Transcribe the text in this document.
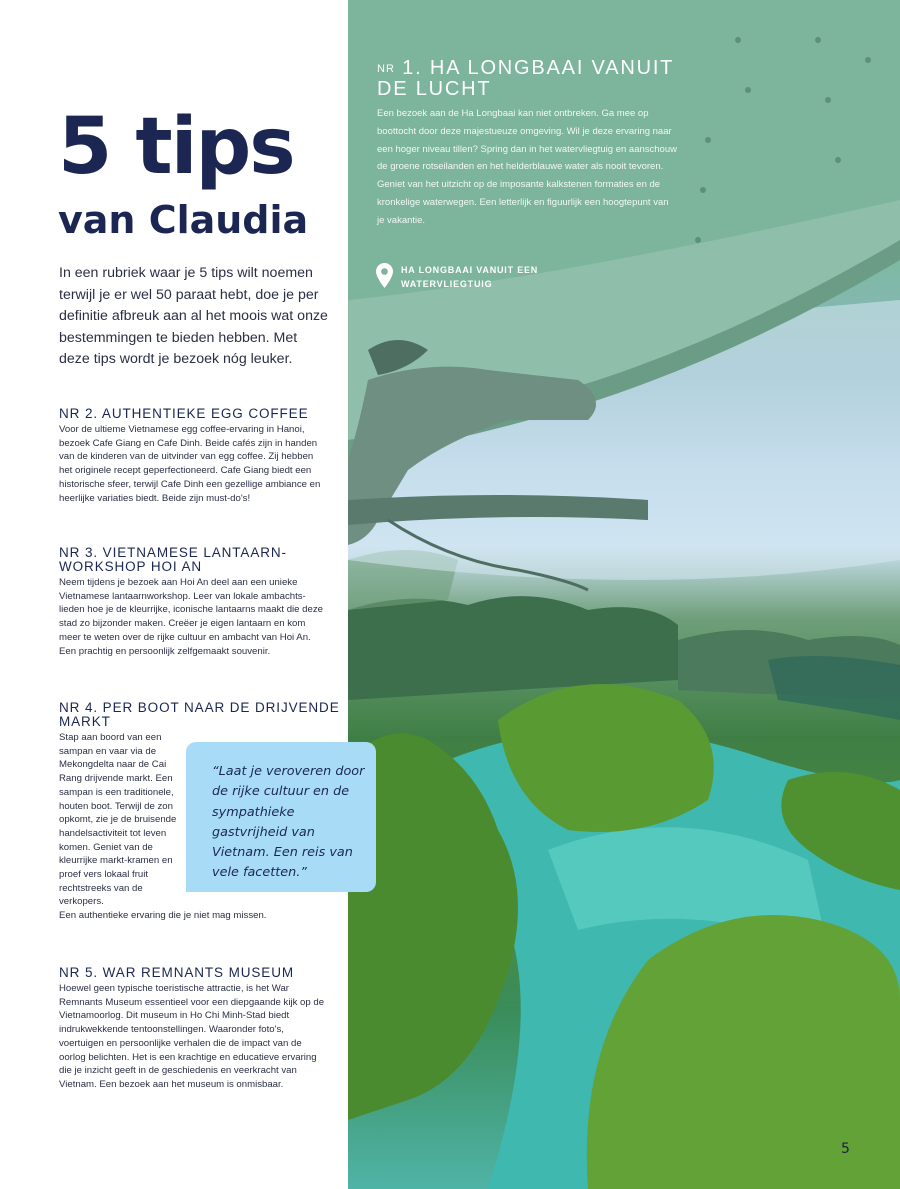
5 tips
van Claudia

In een rubriek waar je 5 tips wilt noemen terwijl je er wel 50 paraat hebt, doe je per definitie afbreuk aan al het moois wat onze bestemmingen te bieden hebben. Met deze tips wordt je bezoek nóg leuker.

NR 2. AUTHENTIEKE EGG COFFEE

Voor de ultieme Vietnamese egg coffee-ervaring in Hanoi, bezoek Cafe Giang en Cafe Dinh. Beide cafés zijn in handen van de kinderen van de uitvinder van egg coffee. Zij hebben het originele recept geperfectioneerd. Cafe Giang biedt een historische sfeer, terwijl Cafe Dinh een gezellige ambiance en heerlijke variaties biedt. Beide zijn must-do's!

NR 3. VIETNAMESE LANTAARN-WORKSHOP HOI AN

Neem tijdens je bezoek aan Hoi An deel aan een unieke Vietnamese lantaarnworkshop. Leer van lokale ambachts-lieden hoe je de kleurrijke, iconische lantaarns maakt die deze stad zo bijzonder maken. Creëer je eigen lantaarn en kom meer te weten over de rijke cultuur en ambacht van Hoi An. Een prachtig en persoonlijk zelfgemaakt souvenir.

NR 4. PER BOOT NAAR DE DRIJVENDE MARKT

Stap aan boord van een sampan en vaar via de Mekongdelta naar de Cai Rang drijvende markt. Een sampan is een traditionele, houten boot. Terwijl de zon opkomt, zie je de bruisende handelsactiviteit tot leven komen. Geniet van de kleurrijke markt-kramen en proef vers lokaal fruit rechtstreeks van de verkopers.

Een authentieke ervaring die je niet mag missen.

“Laat je veroveren door de rijke cultuur en de sympathieke gastvrijheid van Vietnam. Een reis van vele facetten.”

NR 5. WAR REMNANTS MUSEUM

Hoewel geen typische toeristische attractie, is het War Remnants Museum essentieel voor een diepgaande kijk op de Vietnamoorlog. Dit museum in Ho Chi Minh-Stad biedt indrukwekkende tentoonstellingen. Waaronder foto's, voertuigen en persoonlijke verhalen die de impact van de oorlog belichten. Het is een krachtige en educatieve ervaring die je inzicht geeft in de geschiedenis en veerkracht van Vietnam. Een bezoek aan het museum is onmisbaar.

NR 1. HA LONGBAAI VANUIT DE LUCHT

Een bezoek aan de Ha Longbaai kan niet ontbreken. Ga mee op boottocht door deze majestueuze omgeving. Wil je deze ervaring naar een hoger niveau tillen? Spring dan in het watervliegtuig en aanschouw de groene rotseilanden en het helderblauwe water als nooit tevoren. Geniet van het uitzicht op de imposante kalkstenen formaties en de kronkelige waterwegen. Een letterlijk en figuurlijk een hoogtepunt van je vakantie.

HA LONGBAAI VANUIT EEN WATERVLIEGTUIG
5
